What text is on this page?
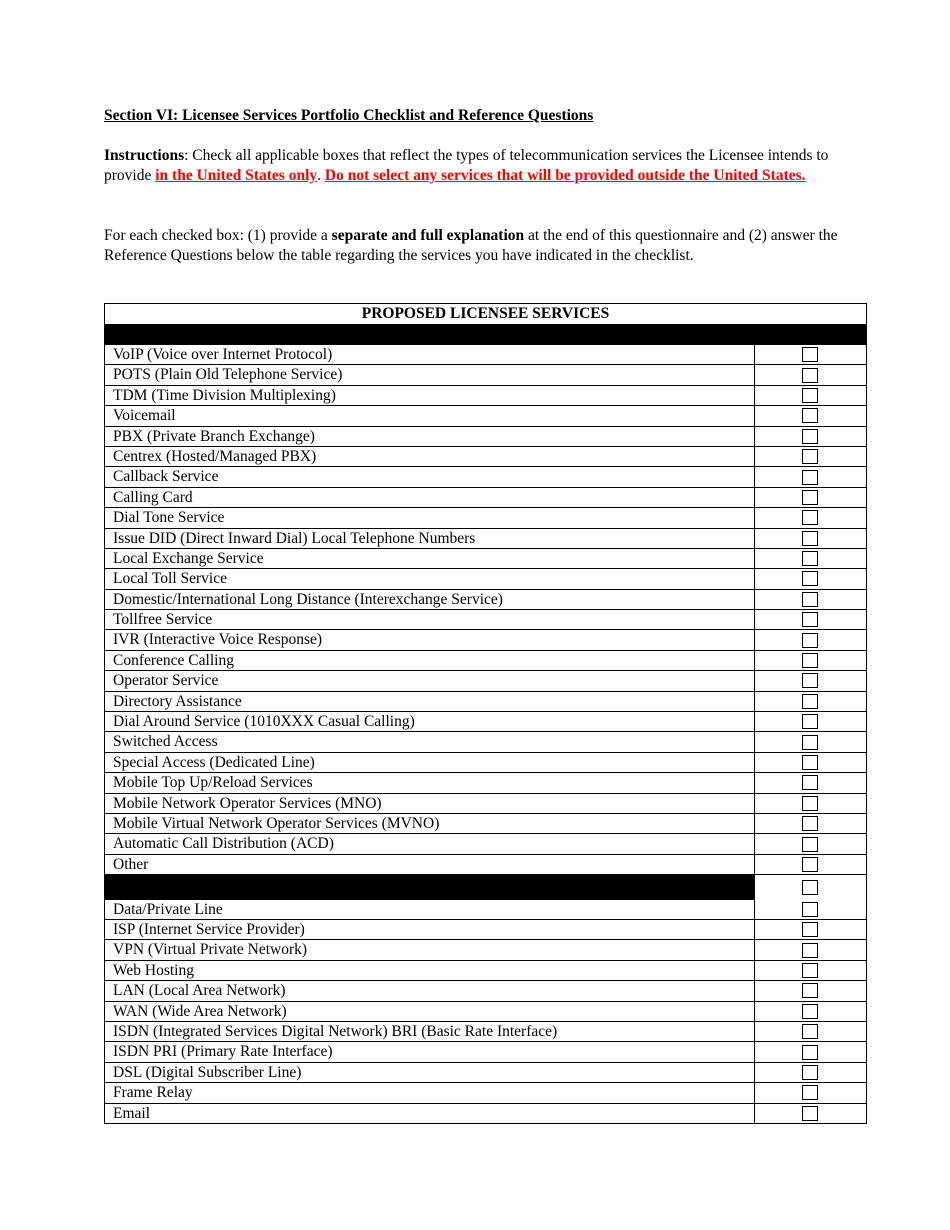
Section VI: Licensee Services Portfolio Checklist and Reference Questions
Instructions: Check all applicable boxes that reflect the types of telecommunication services the Licensee intends to provide in the United States only. Do not select any services that will be provided outside the United States.
For each checked box: (1) provide a separate and full explanation at the end of this questionnaire and (2) answer the Reference Questions below the table regarding the services you have indicated in the checklist.
PROPOSED LICENSEE SERVICES
VoIP (Voice over Internet Protocol)
POTS (Plain Old Telephone Service)
TDM (Time Division Multiplexing)
Voicemail
PBX (Private Branch Exchange)
Centrex (Hosted/Managed PBX)
Callback Service
Calling Card
Dial Tone Service
Issue DID (Direct Inward Dial) Local Telephone Numbers
Local Exchange Service
Local Toll Service
Domestic/International Long Distance (Interexchange Service)
Tollfree Service
IVR (Interactive Voice Response)
Conference Calling
Operator Service
Directory Assistance
Dial Around Service (1010XXX Casual Calling)
Switched Access
Special Access (Dedicated Line)
Mobile Top Up/Reload Services
Mobile Network Operator Services (MNO)
Mobile Virtual Network Operator Services (MVNO)
Automatic Call Distribution (ACD)
Other
Data/Private Line
ISP (Internet Service Provider)
VPN (Virtual Private Network)
Web Hosting
LAN (Local Area Network)
WAN (Wide Area Network)
ISDN (Integrated Services Digital Network) BRI (Basic Rate Interface)
ISDN PRI (Primary Rate Interface)
DSL (Digital Subscriber Line)
Frame Relay
Email
